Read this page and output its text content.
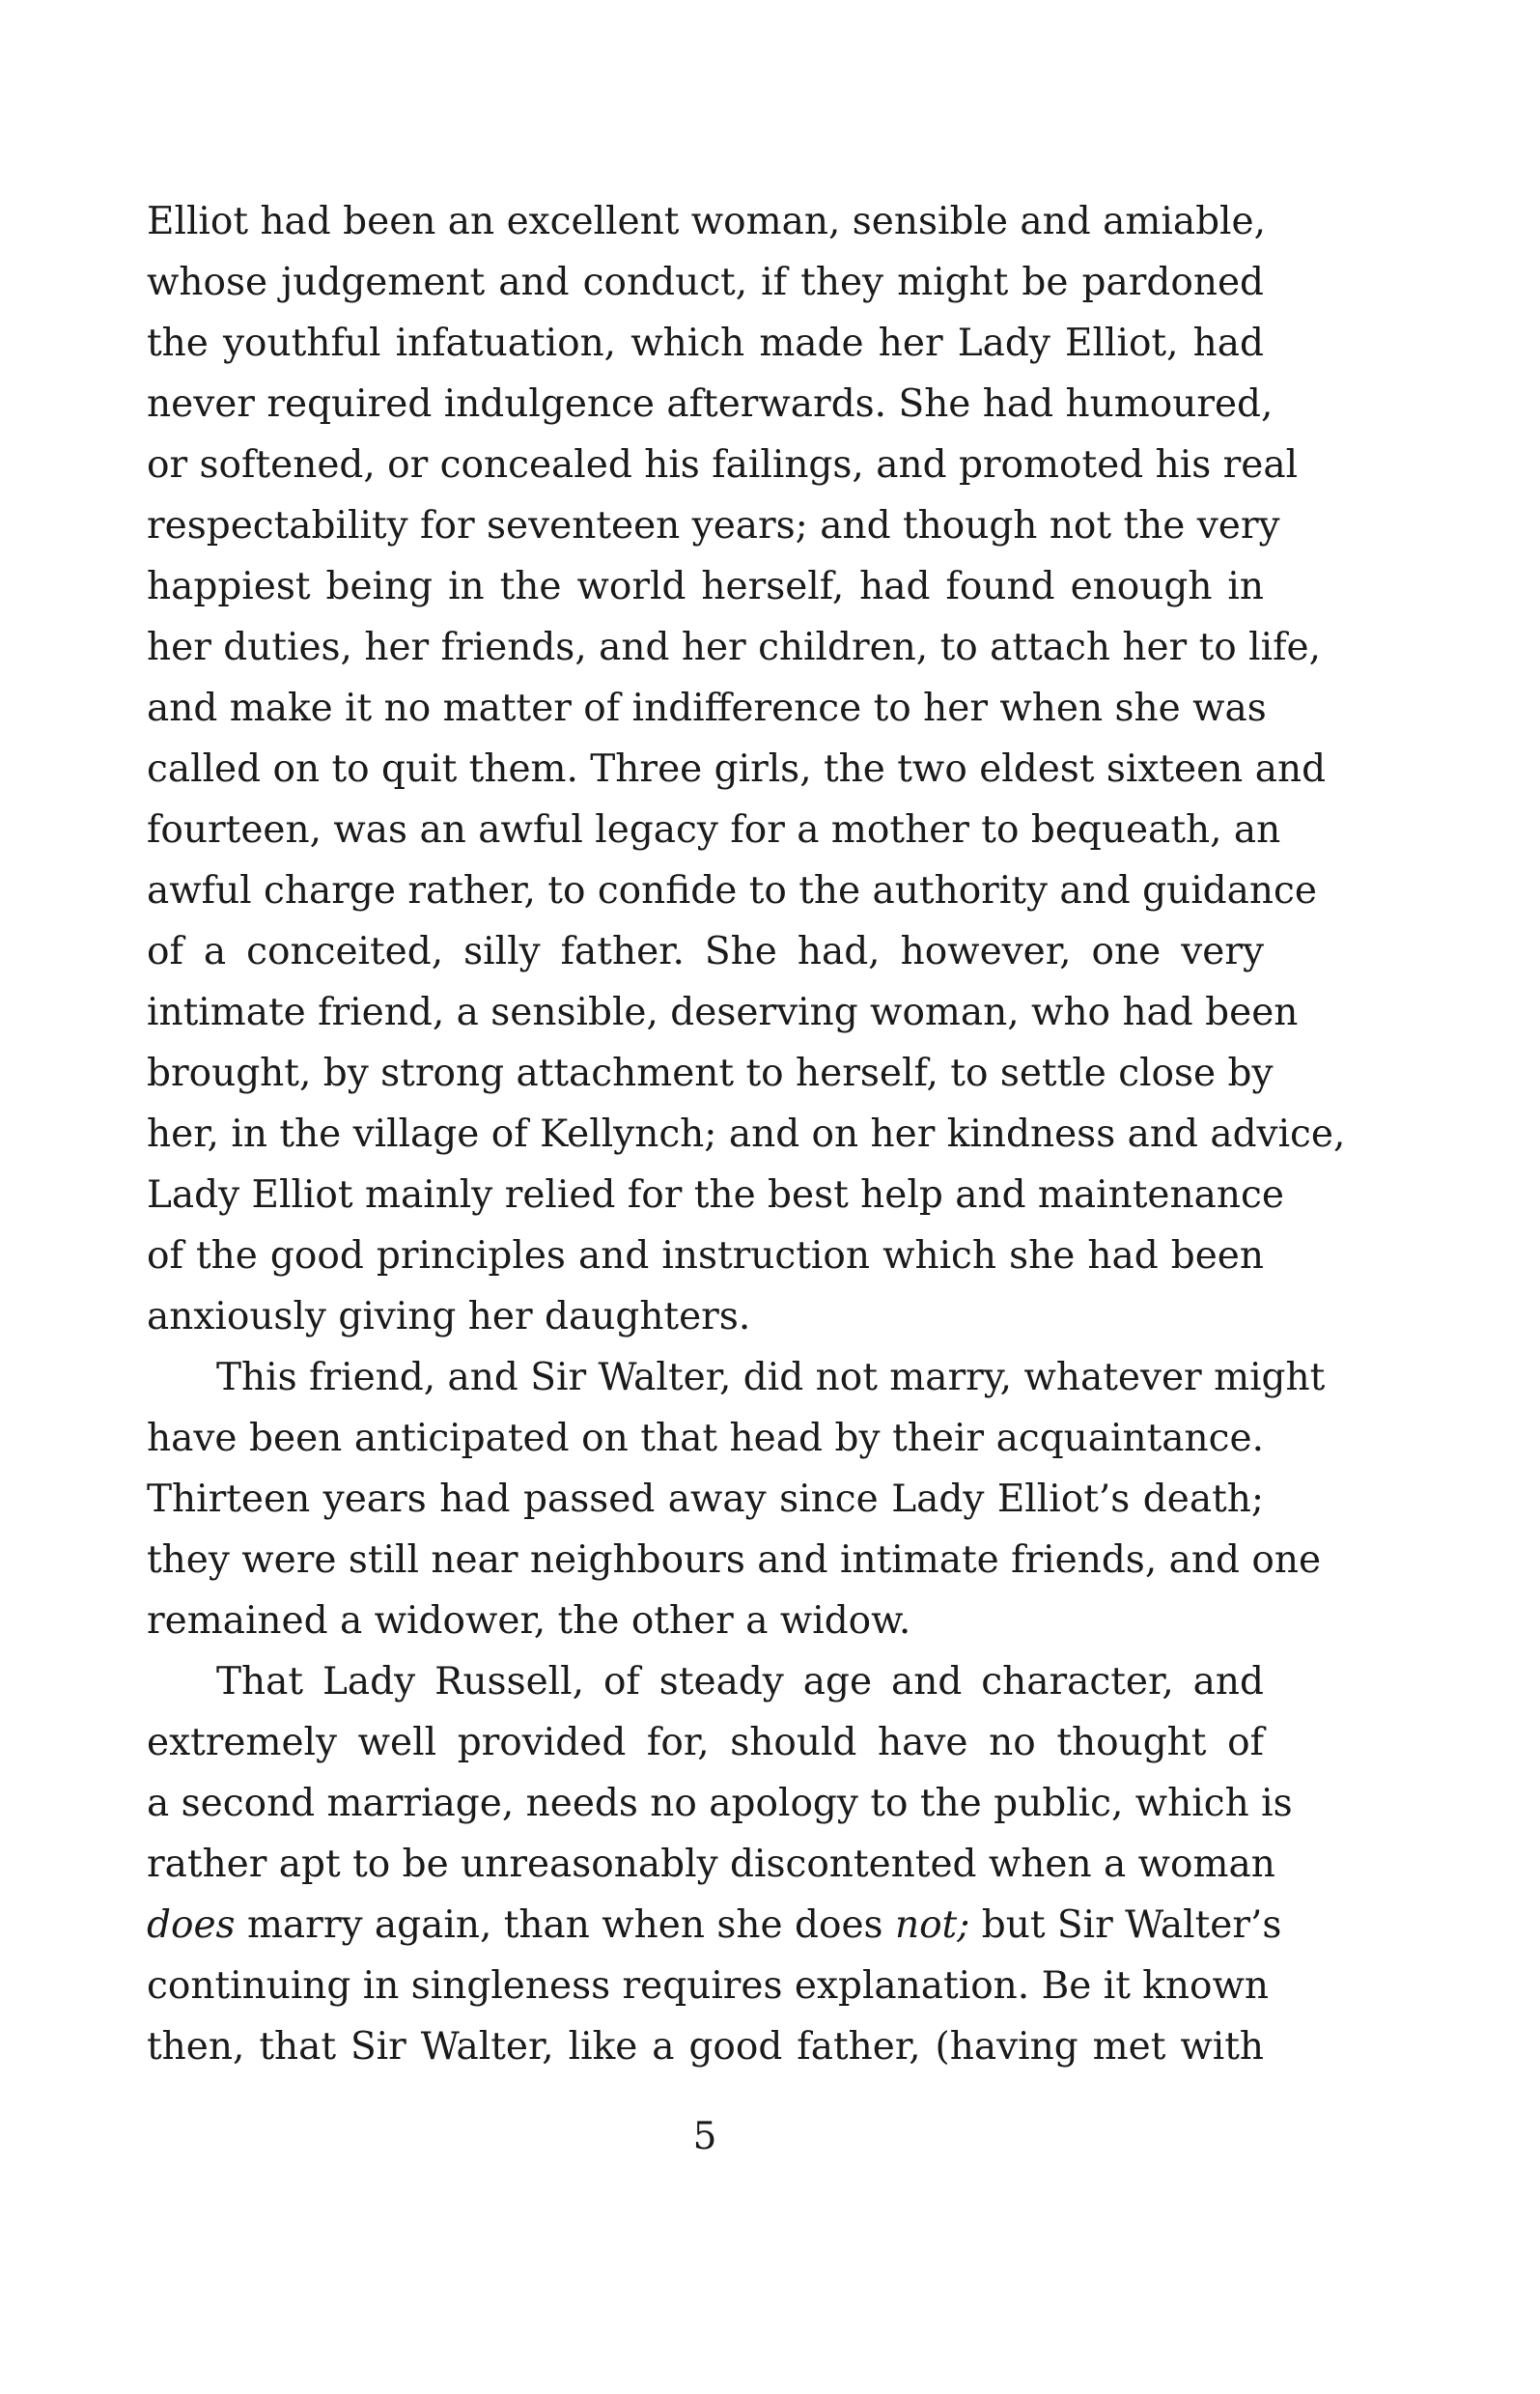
Elliot had been an excellent woman, sensible and amiable,
whose judgement and conduct, if they might be pardoned
the youthful infatuation, which made her Lady Elliot, had
never required indulgence afterwards. She had humoured,
or softened, or concealed his failings, and promoted his real
respectability for seventeen years; and though not the very
happiest being in the world herself, had found enough in
her duties, her friends, and her children, to attach her to life,
and make it no matter of indifference to her when she was
called on to quit them. Three girls, the two eldest sixteen and
fourteen, was an awful legacy for a mother to bequeath, an
awful charge rather, to confide to the authority and guidance
of a conceited, silly father. She had, however, one very
intimate friend, a sensible, deserving woman, who had been
brought, by strong attachment to herself, to settle close by
her, in the village of Kellynch; and on her kindness and advice,
Lady Elliot mainly relied for the best help and maintenance
of the good principles and instruction which she had been
anxiously giving her daughters.
This friend, and Sir Walter, did not marry, whatever might
have been anticipated on that head by their acquaintance.
Thirteen years had passed away since Lady Elliot’s death;
they were still near neighbours and intimate friends, and one
remained a widower, the other a widow.
That Lady Russell, of steady age and character, and
extremely well provided for, should have no thought of
a second marriage, needs no apology to the public, which is
rather apt to be unreasonably discontented when a woman
does marry again, than when she does not; but Sir Walter’s
continuing in singleness requires explanation. Be it known
then, that Sir Walter, like a good father, (having met with
5
